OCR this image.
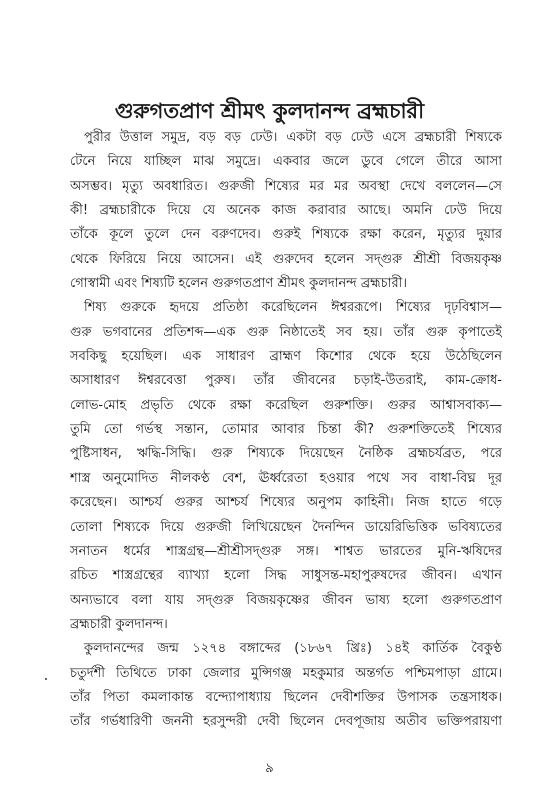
গুরুগতপ্রাণ শ্রীমৎ কুলদানন্দ ব্রহ্মচারী

পুরীর উত্তাল সমুদ্র, বড় বড় ঢেউ। একটা বড় ঢেউ এসে ব্রহ্মচারী শিষ্যকে
টেনে নিয়ে যাচ্ছিল মাঝ সমুদ্রে। একবার জলে ডুবে গেলে তীরে আসা
অসম্ভব। মৃত্যু অবধারিত। গুরুজী শিষ্যের মর মর অবস্থা দেখে বললেন—সে
কী! ব্রহ্মচারীকে দিয়ে যে অনেক কাজ করাবার আছে। অমনি ঢেউ দিয়ে
তাঁকে কূলে তুলে দেন বরুণদেব। গুরুই শিষ্যকে রক্ষা করেন, মৃত্যুর দুয়ার
থেকে ফিরিয়ে নিয়ে আসেন। এই গুরুদেব হলেন সদ্গুরু শ্রীশ্রী বিজয়কৃষ্ণ
গোস্বামী এবং শিষ্যটি হলেন গুরুগতপ্রাণ শ্রীমৎ কুলদানন্দ ব্রহ্মচারী।

শিষ্য গুরুকে হৃদয়ে প্রতিষ্ঠা করেছিলেন ঈশ্বররূপে। শিষ্যের দৃঢ়বিশ্বাস—
গুরু ভগবানের প্রতিশব্দ—এক গুরু নিষ্ঠাতেই সব হয়। তাঁর গুরু কৃপাতেই
সবকিছু হয়েছিল। এক সাধারণ ব্রাহ্মণ কিশোর থেকে হয়ে উঠেছিলেন
অসাধারণ ঈশ্বরবেত্তা পুরুষ। তাঁর জীবনের চড়াই-উতরাই, কাম-ক্রোধ-
লোভ-মোহ প্রভৃতি থেকে রক্ষা করেছিল গুরুশক্তি। গুরুর আশ্বাসবাক্য—
তুমি তো গর্ভস্থ সন্তান, তোমার আবার চিন্তা কী? গুরুশক্তিতেই শিষ্যের
পুষ্টিসাধন, ঋদ্ধি-সিদ্ধি। গুরু শিষ্যকে দিয়েছেন নৈষ্ঠিক ব্রহ্মচর্যব্রত, পরে
শাস্ত্র অনুমোদিত নীলকণ্ঠ বেশ, ঊর্ধ্বরেতা হওয়ার পথে সব বাধা-বিঘ্ন দূর
করেছেন। আশ্চর্য গুরুর আশ্চর্য শিষ্যের অনুপম কাহিনী। নিজ হাতে গড়ে
তোলা শিষ্যকে দিয়ে গুরুজী লিখিয়েছেন দৈনন্দিন ডায়েরিভিত্তিক ভবিষ্যতের
সনাতন ধর্মের শাস্ত্রগ্রন্থ—শ্রীশ্রীসদ্গুরু সঙ্গ। শাশ্বত ভারতের মুনি-ঋষিদের
রচিত শাস্ত্রগ্রন্থের ব্যাখ্যা হলো সিদ্ধ সাধুসন্ত-মহাপুরুষদের জীবন। এখান
অন্যভাবে বলা যায় সদ্গুরু বিজয়কৃষ্ণের জীবন ভাষ্য হলো গুরুগতপ্রাণ
ব্রহ্মচারী কুলদানন্দ।

কুলদানন্দের জন্ম ১২৭৪ বঙ্গাব্দের (১৮৬৭ খ্রিঃ) ১৪ই কার্তিক বৈকুণ্ঠ
চতুর্দশী তিথিতে ঢাকা জেলার মুন্সিগঞ্জ মহকুমার অন্তর্গত পশ্চিমপাড়া গ্রামে।
তাঁর পিতা কমলাকান্ত বন্দ্যোপাধ্যায় ছিলেন দেবীশক্তির উপাসক তন্ত্রসাধক।
তাঁর গর্ভধারিণী জননী হরসুন্দরী দেবী ছিলেন দেবপূজায় অতীব ভক্তিপরায়ণা

৯
